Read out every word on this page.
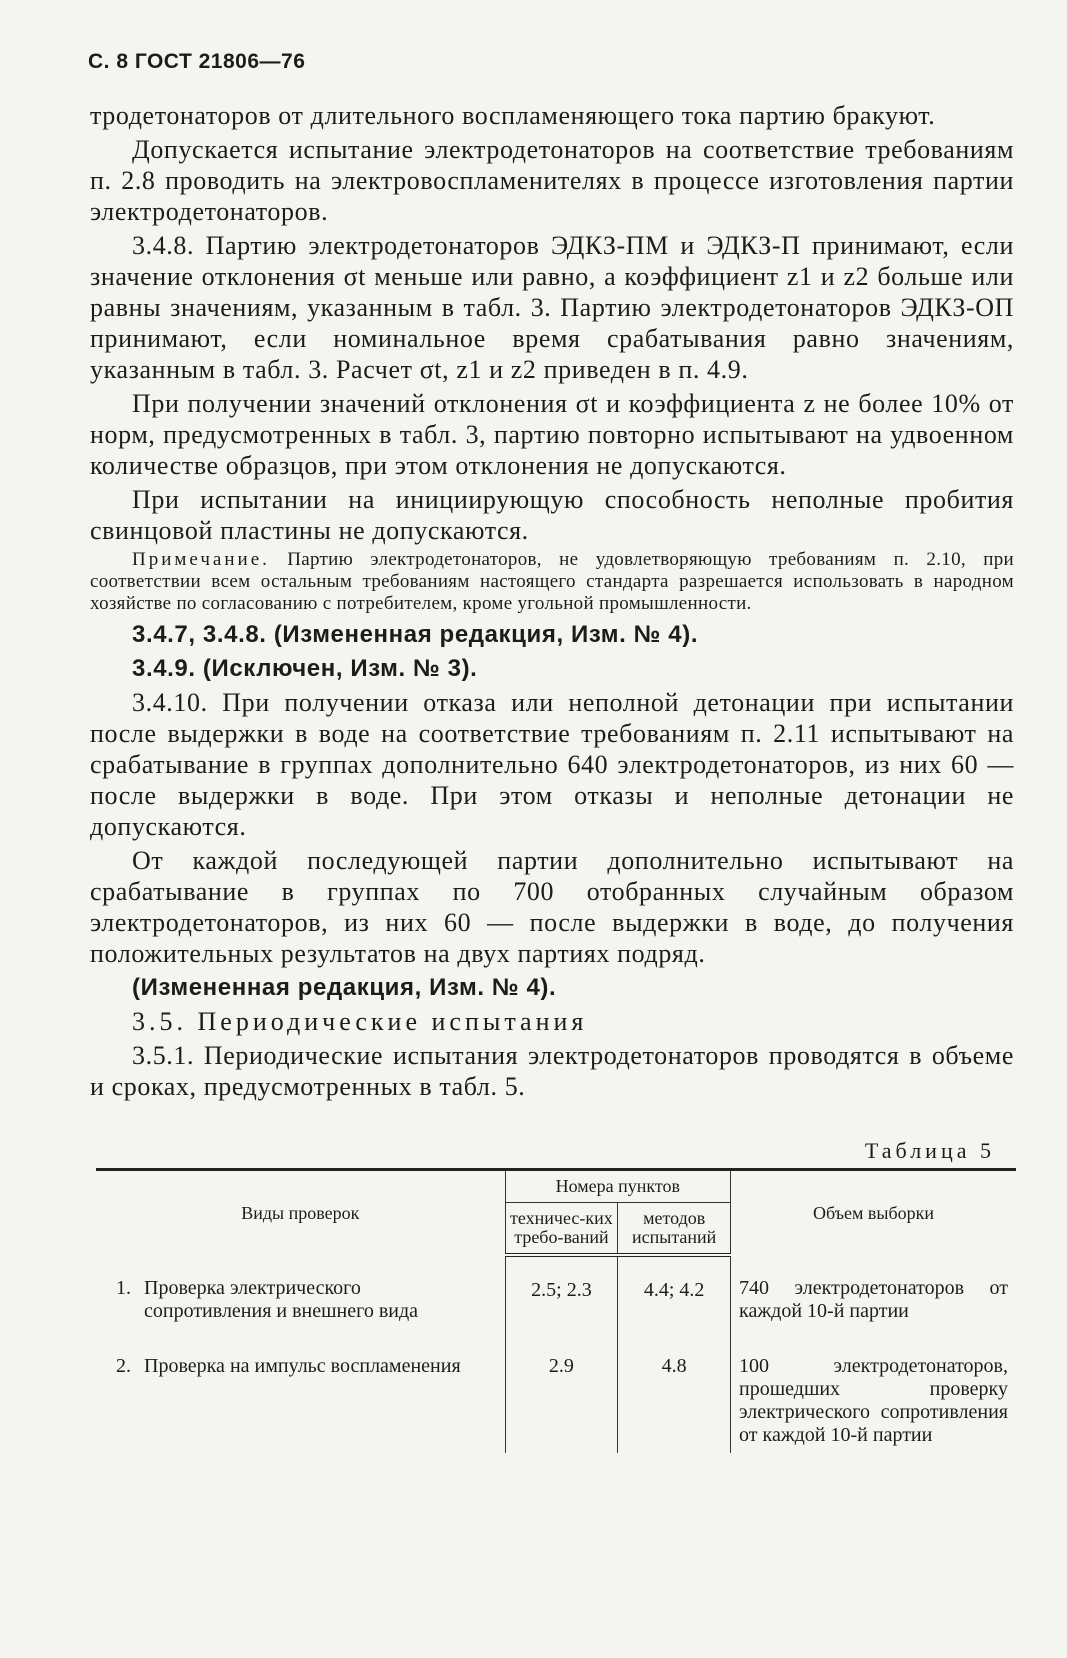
С. 8 ГОСТ 21806—76

тродетонаторов от длительного воспламеняющего тока партию бракуют.

Допускается испытание электродетонаторов на соответствие требованиям п. 2.8 проводить на электровоспламенителях в процессе изготовления партии электродетонаторов.

3.4.8. Партию электродетонаторов ЭДКЗ-ПМ и ЭДКЗ-П принимают, если значение отклонения σt меньше или равно, а коэффициент z1 и z2 больше или равны значениям, указанным в табл. 3. Партию электродетонаторов ЭДКЗ-ОП принимают, если номинальное время срабатывания равно значениям, указанным в табл. 3. Расчет σt, z1 и z2 приведен в п. 4.9.

При получении значений отклонения σt и коэффициента z не более 10% от норм, предусмотренных в табл. 3, партию повторно испытывают на удвоенном количестве образцов, при этом отклонения не допускаются.

При испытании на инициирующую способность неполные пробития свинцовой пластины не допускаются.

Примечание. Партию электродетонаторов, не удовлетворяющую требованиям п. 2.10, при соответствии всем остальным требованиям настоящего стандарта разрешается использовать в народном хозяйстве по согласованию с потребителем, кроме угольной промышленности.

3.4.7, 3.4.8. (Измененная редакция, Изм. № 4).

3.4.9. (Исключен, Изм. № 3).

3.4.10. При получении отказа или неполной детонации при испытании после выдержки в воде на соответствие требованиям п. 2.11 испытывают на срабатывание в группах дополнительно 640 электродетонаторов, из них 60 — после выдержки в воде. При этом отказы и неполные детонации не допускаются.

От каждой последующей партии дополнительно испытывают на срабатывание в группах по 700 отобранных случайным образом электродетонаторов, из них 60 — после выдержки в воде, до получения положительных результатов на двух партиях подряд.

(Измененная редакция, Изм. № 4).

3.5. Периодические испытания

3.5.1. Периодические испытания электродетонаторов проводятся в объеме и сроках, предусмотренных в табл. 5.

Таблица 5
Виды проверок	Номера пунктов		Объем выборки
	техничес-ких требо-ваний	методов испытаний	

1. Проверка электрического сопротивления и внешнего вида	2.5; 2.3	4.4; 4.2	740 электродетонаторов от каждой 10-й партии

2. Проверка на импульс воспламенения	2.9	4.8	100 электродетонаторов, прошедших проверку электрического сопротивления от каждой 10-й партии
